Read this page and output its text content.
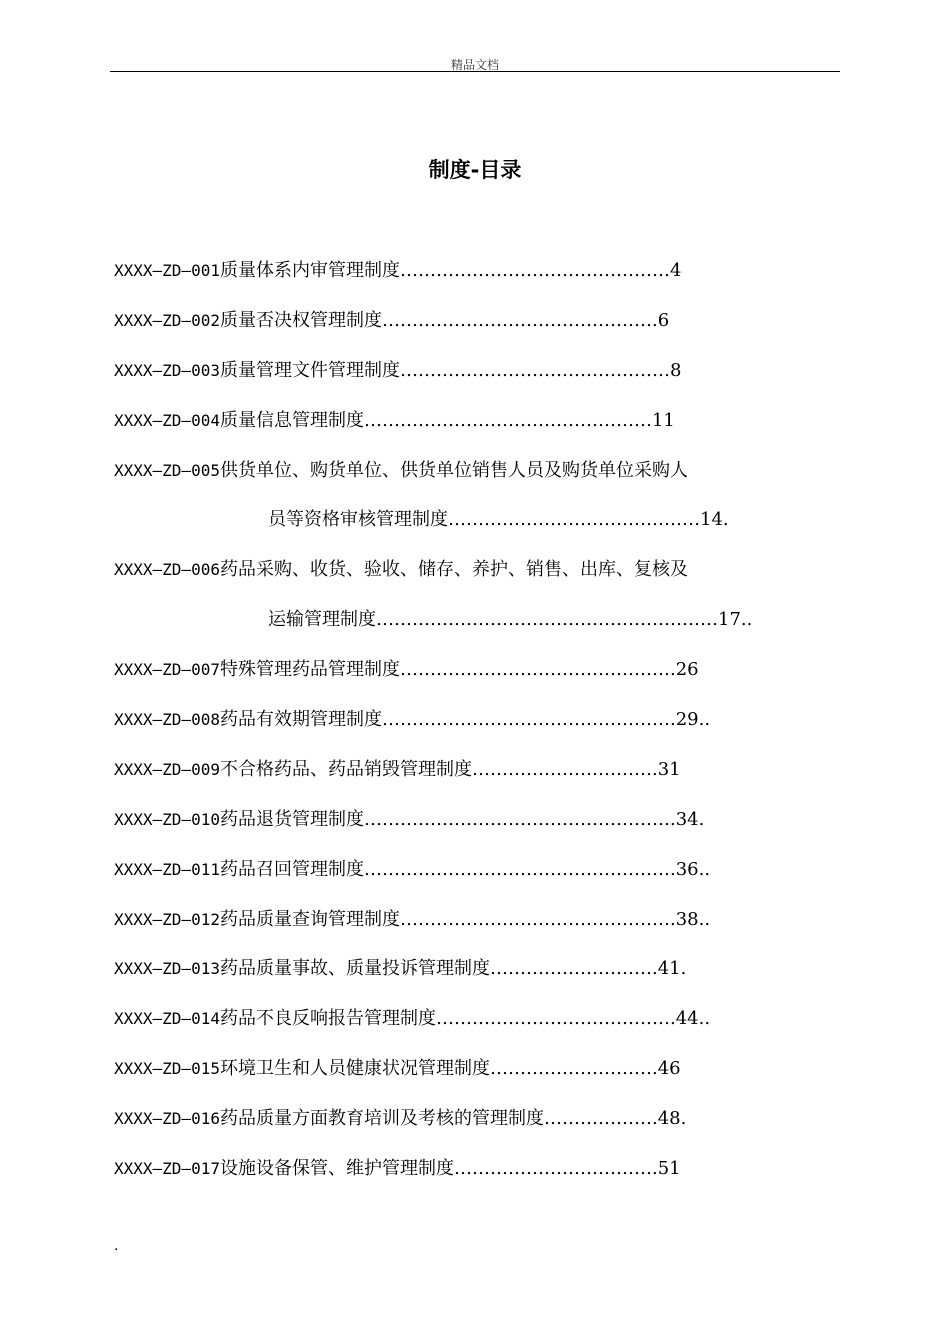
精品文档
制度-目录
XXXX—ZD—001质量体系内审管理制度………………………………………4
XXXX—ZD—002质量否决权管理制度……………………………………….6
XXXX—ZD—003质量管理文件管理制度………………………………………8
XXXX—ZD—004质量信息管理制度…………………………………………11
XXXX—ZD—005供货单位、购货单位、供货单位销售人员及购货单位采购人
员等资格审核管理制度……………………………………14.
XXXX—ZD—006药品采购、收货、验收、储存、养护、销售、出库、复核及
运输管理制度…………………………………………………17..
XXXX—ZD—007特殊管理药品管理制度……………………………………….26
XXXX—ZD—008药品有效期管理制度………………………………………….29..
XXXX—ZD—009不合格药品、药品销毁管理制度………………………….31
XXXX—ZD—010药品退货管理制度…………………………………………….34.
XXXX—ZD—011药品召回管理制度…………………………………………….36..
XXXX—ZD—012药品质量查询管理制度……………………………………….38..
XXXX—ZD—013药品质量事故、质量投诉管理制度……………………….41.
XXXX—ZD—014药品不良反响报告管理制度………………………………….44..
XXXX—ZD—015环境卫生和人员健康状况管理制度……………………….46
XXXX—ZD—016药品质量方面教育培训及考核的管理制度……………….48.
XXXX—ZD—017设施设备保管、维护管理制度…………………………….51
.
